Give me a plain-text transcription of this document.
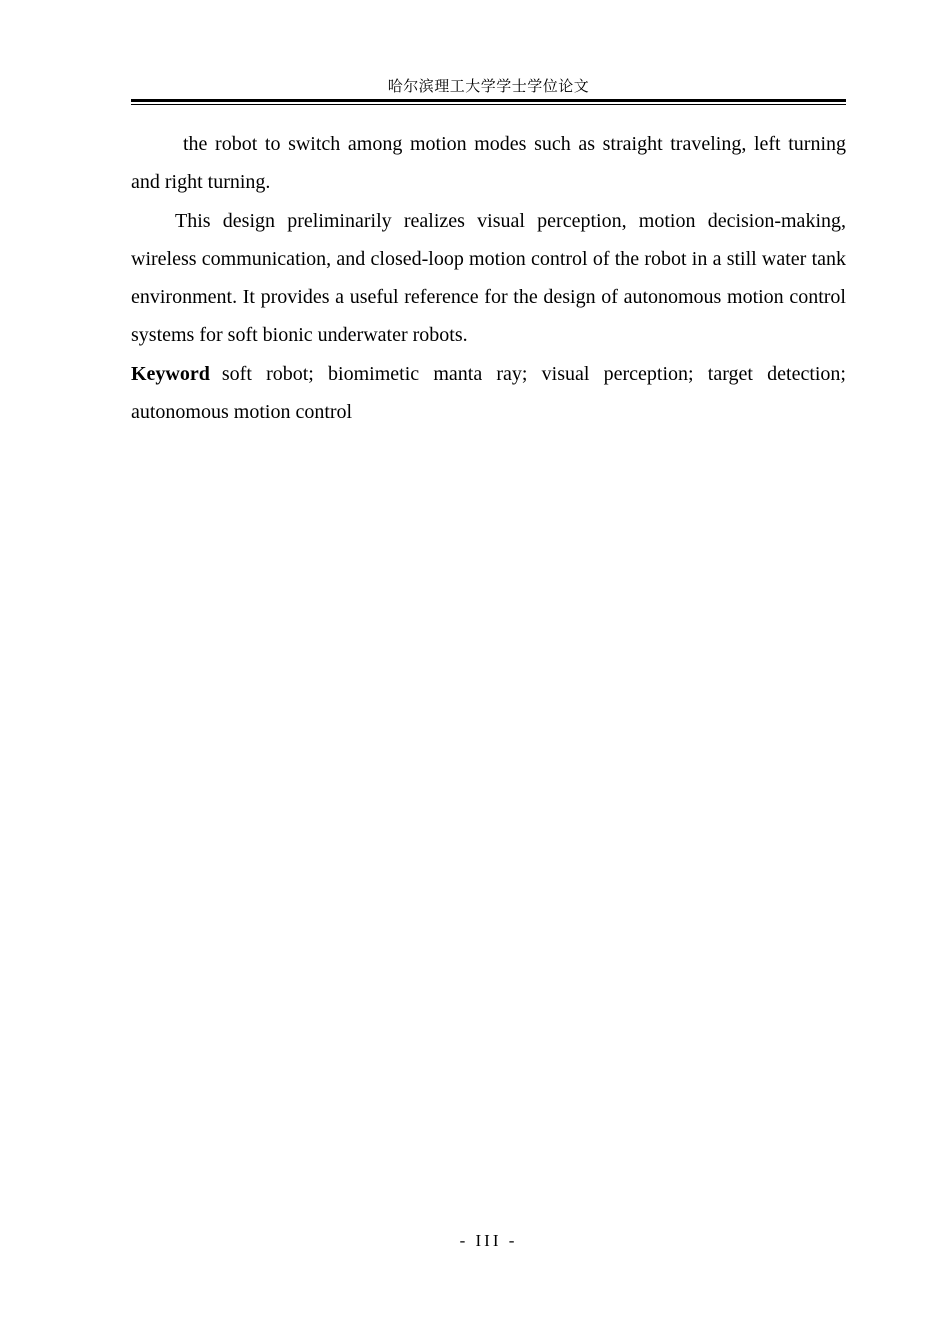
哈尔滨理工大学学士学位论文

the robot to switch among motion modes such as straight traveling, left turning and right turning.

This design preliminarily realizes visual perception, motion decision-making, wireless communication, and closed-loop motion control of the robot in a still water tank environment. It provides a useful reference for the design of autonomous motion control systems for soft bionic underwater robots.

Keyword soft robot; biomimetic manta ray; visual perception; target detection; autonomous motion control

- III -
